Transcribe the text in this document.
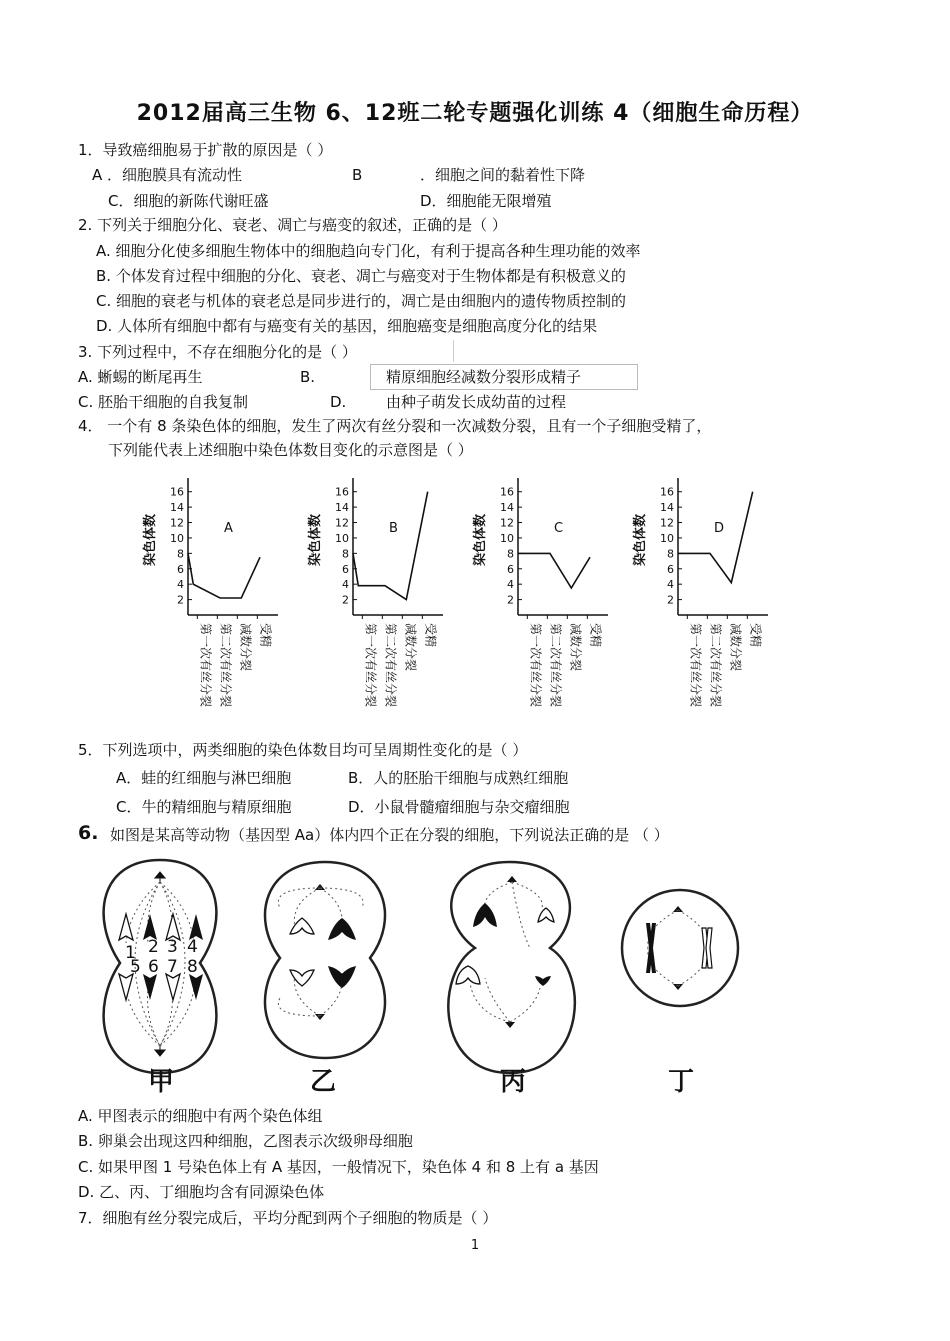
2012届高三生物 6、12班二轮专题强化训练 4（细胞生命历程）
1．导致癌细胞易于扩散的原因是（ ）
A ．细胞膜具有流动性	B	．细胞之间的黏着性下降
C．细胞的新陈代谢旺盛	D．细胞能无限增殖
2. 下列关于细胞分化、衰老、凋亡与癌变的叙述，正确的是（ ）
A. 细胞分化使多细胞生物体中的细胞趋向专门化，有利于提高各种生理功能的效率
B. 个体发育过程中细胞的分化、衰老、凋亡与癌变对于生物体都是有积极意义的
C. 细胞的衰老与机体的衰老总是同步进行的，凋亡是由细胞内的遗传物质控制的
D. 人体所有细胞中都有与癌变有关的基因，细胞癌变是细胞高度分化的结果
3. 下列过程中，不存在细胞分化的是（ ）
A. 蜥蜴的断尾再生	B.	精原细胞经减数分裂形成精子
C. 胚胎干细胞的自我复制	D.	由种子萌发长成幼苗的过程
4． 一个有 8 条染色体的细胞，发生了两次有丝分裂和一次减数分裂，且有一个子细胞受精了，
下列能代表上述细胞中染色体数目变化的示意图是（ ）
2
4
6
8
10
12
14
16
染色体数	A
第一次有丝分裂 第二次有丝分裂 减数分裂 受精
2
4
6
8
10
12
14
16
染色体数	B
第一次有丝分裂 第二次有丝分裂 减数分裂 受精
2
4
6
8
10
12
14
16
染色体数	C
第一次有丝分裂 第二次有丝分裂 减数分裂 受精
2
4
6
8
10
12
14
16
染色体数	D
第一次有丝分裂 第二次有丝分裂 减数分裂 受精
5．下列选项中，两类细胞的染色体数目均可呈周期性变化的是（ ）
A．蛙的红细胞与淋巴细胞	B．人的胚胎干细胞与成熟红细胞
C．牛的精细胞与精原细胞	D．小鼠骨髓瘤细胞与杂交瘤细胞
6. 如图是某高等动物（基因型 Aa）体内四个正在分裂的细胞，下列说法正确的是 （ ）
1 2 3 4
5 6 7 8
甲	乙	丙	丁
A. 甲图表示的细胞中有两个染色体组
B. 卵巢会出现这四种细胞，乙图表示次级卵母细胞
C. 如果甲图 1 号染色体上有 A 基因，一般情况下，染色体 4 和 8 上有 a 基因
D. 乙、丙、丁细胞均含有同源染色体
7．细胞有丝分裂完成后，平均分配到两个子细胞的物质是（ ）
1
